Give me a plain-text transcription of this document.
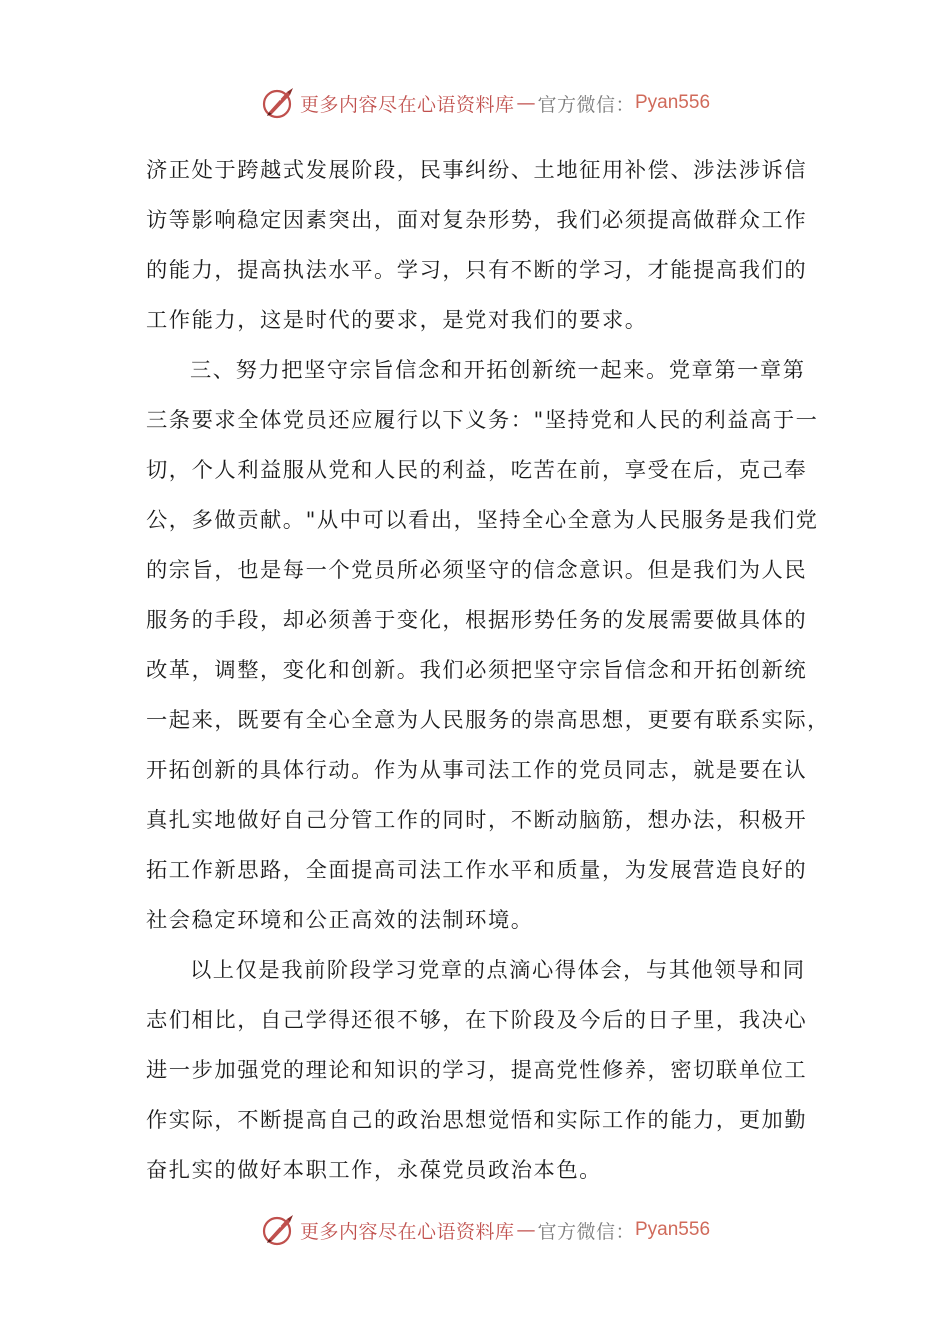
更多内容尽在心语资料库 — 官方微信： Pyan556
济正处于跨越式发展阶段，民事纠纷、土地征用补偿、涉法涉诉信
访等影响稳定因素突出，面对复杂形势，我们必须提高做群众工作
的能力，提高执法水平。学习，只有不断的学习，才能提高我们的
工作能力，这是时代的要求，是党对我们的要求。
三、努力把坚守宗旨信念和开拓创新统一起来。党章第一章第
三条要求全体党员还应履行以下义务："坚持党和人民的利益高于一
切，个人利益服从党和人民的利益，吃苦在前，享受在后，克己奉
公，多做贡献。"从中可以看出，坚持全心全意为人民服务是我们党
的宗旨，也是每一个党员所必须坚守的信念意识。但是我们为人民
服务的手段，却必须善于变化，根据形势任务的发展需要做具体的
改革，调整，变化和创新。我们必须把坚守宗旨信念和开拓创新统
一起来，既要有全心全意为人民服务的崇高思想，更要有联系实际，
开拓创新的具体行动。作为从事司法工作的党员同志，就是要在认
真扎实地做好自己分管工作的同时，不断动脑筋，想办法，积极开
拓工作新思路，全面提高司法工作水平和质量，为发展营造良好的
社会稳定环境和公正高效的法制环境。
以上仅是我前阶段学习党章的点滴心得体会，与其他领导和同
志们相比，自己学得还很不够，在下阶段及今后的日子里，我决心
进一步加强党的理论和知识的学习，提高党性修养，密切联单位工
作实际，不断提高自己的政治思想觉悟和实际工作的能力，更加勤
奋扎实的做好本职工作，永葆党员政治本色。
更多内容尽在心语资料库 — 官方微信： Pyan556
